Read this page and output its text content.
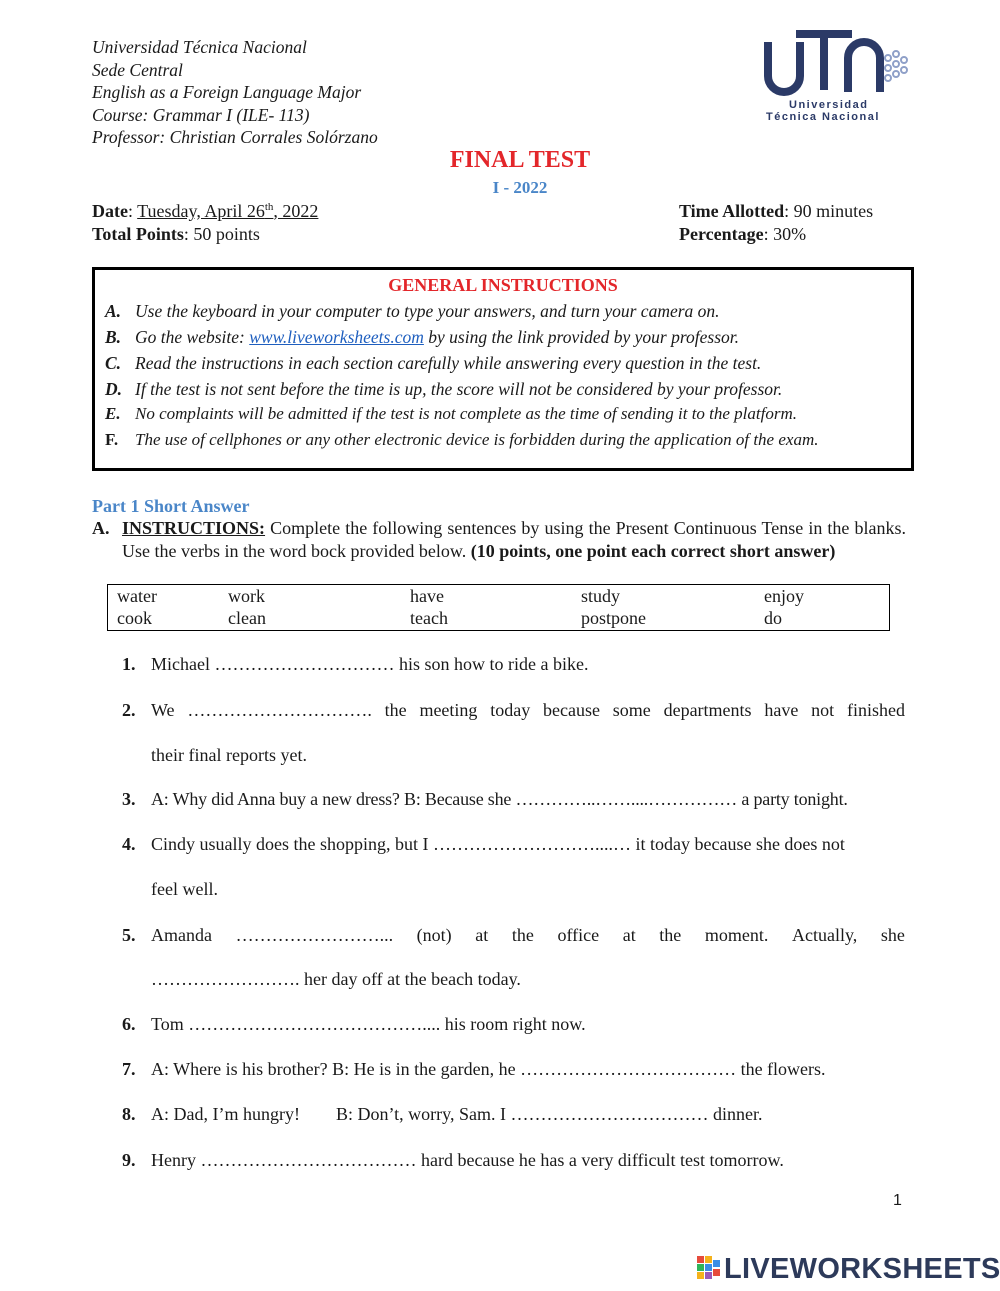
Universidad Técnica Nacional
Sede Central
English as a Foreign Language Major
Course: Grammar I (ILE- 113)
Professor: Christian Corrales Solórzano
Universidad
Técnica Nacional
FINAL TEST
I - 2022
Date: Tuesday, April 26th, 2022
Total Points: 50 points
Time Allotted: 90 minutes
Percentage: 30%
GENERAL INSTRUCTIONS
A. Use the keyboard in your computer to type your answers, and turn your camera on.
B. Go the website: www.liveworksheets.com by using the link provided by your professor.
C. Read the instructions in each section carefully while answering every question in the test.
D. If the test is not sent before the time is up, the score will not be considered by your professor.
E. No complaints will be admitted if the test is not complete as the time of sending it to the platform.
F. The use of cellphones or any other electronic device is forbidden during the application of the exam.
Part 1 Short Answer
A. INSTRUCTIONS: Complete the following sentences by using the Present Continuous Tense in the blanks. Use the verbs in the word bock provided below. (10 points, one point each correct short answer)
water	work	have	study	enjoy
cook	clean	teach	postpone	do
1. Michael ………………………… his son how to ride a bike.
2. We …………………………. the meeting today because some departments have not finished
their final reports yet.
3. A: Why did Anna buy a new dress? B: Because she …………..……....…………… a party tonight.
4. Cindy usually does the shopping, but I ………………………....… it today because she does not
feel well.
5. Amanda ……………………... (not) at the office at the moment. Actually, she
……………………. her day off at the beach today.
6. Tom ………………………………….... his room right now.
7. A: Where is his brother? B: He is in the garden, he ……………………………… the flowers.
8. A: Dad, I’m hungry!        B: Don’t, worry, Sam. I …………………………… dinner.
9. Henry ……………………………… hard because he has a very difficult test tomorrow.
1
LIVEWORKSHEETS
